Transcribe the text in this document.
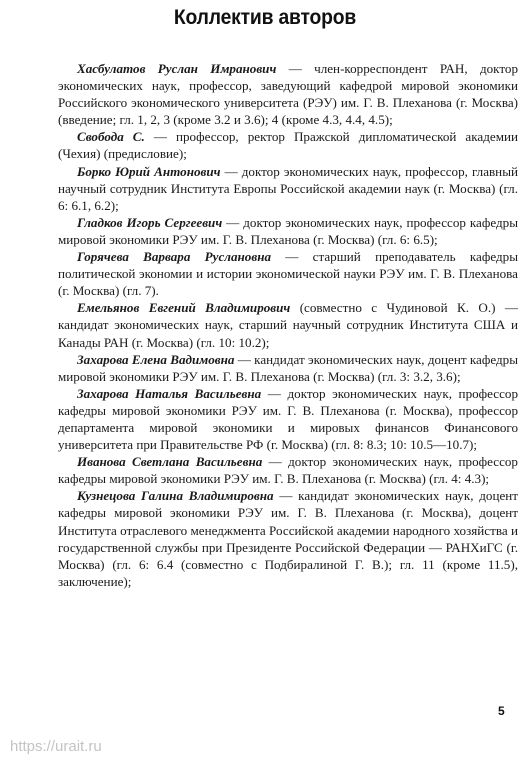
Коллектив авторов

Хасбулатов Руслан Имранович — член-корреспондент РАН, доктор экономических наук, профессор, заведующий кафедрой мировой экономики Российского экономического университета (РЭУ) им. Г. В. Плеханова (г. Москва) (введение; гл. 1, 2, 3 (кроме 3.2 и 3.6); 4 (кроме 4.3, 4.4, 4.5);

Свобода С. — профессор, ректор Пражской дипломатической академии (Чехия) (предисловие);

Борко Юрий Антонович — доктор экономических наук, профессор, главный научный сотрудник Института Европы Российской академии наук (г. Москва) (гл. 6: 6.1, 6.2);

Гладков Игорь Сергеевич — доктор экономических наук, профессор кафедры мировой экономики РЭУ им. Г. В. Плеханова (г. Москва) (гл. 6: 6.5);

Горячева Варвара Руслановна — старший преподаватель кафедры политической экономии и истории экономической науки РЭУ им. Г. В. Плеханова (г. Москва) (гл. 7).

Емельянов Евгений Владимирович (совместно с Чудиновой К. О.) — кандидат экономических наук, старший научный сотрудник Института США и Канады РАН (г. Москва) (гл. 10: 10.2);

Захарова Елена Вадимовна — кандидат экономических наук, доцент кафедры мировой экономики РЭУ им. Г. В. Плеханова (г. Москва) (гл. 3: 3.2, 3.6);

Захарова Наталья Васильевна — доктор экономических наук, профессор кафедры мировой экономики РЭУ им. Г. В. Плеханова (г. Москва), профессор департамента мировой экономики и мировых финансов Финансового университета при Правительстве РФ (г. Москва) (гл. 8: 8.3; 10: 10.5—10.7);

Иванова Светлана Васильевна — доктор экономических наук, профессор кафедры мировой экономики РЭУ им. Г. В. Плеханова (г. Москва) (гл. 4: 4.3);

Кузнецова Галина Владимировна — кандидат экономических наук, доцент кафедры мировой экономики РЭУ им. Г. В. Плеханова (г. Москва), доцент Института отраслевого менеджмента Российской академии народного хозяйства и государственной службы при Президенте Российской Федерации — РАНХиГС (г. Москва) (гл. 6: 6.4 (совместно с Подбиралиной Г. В.); гл. 11 (кроме 11.5), заключение);

5
https://urait.ru
